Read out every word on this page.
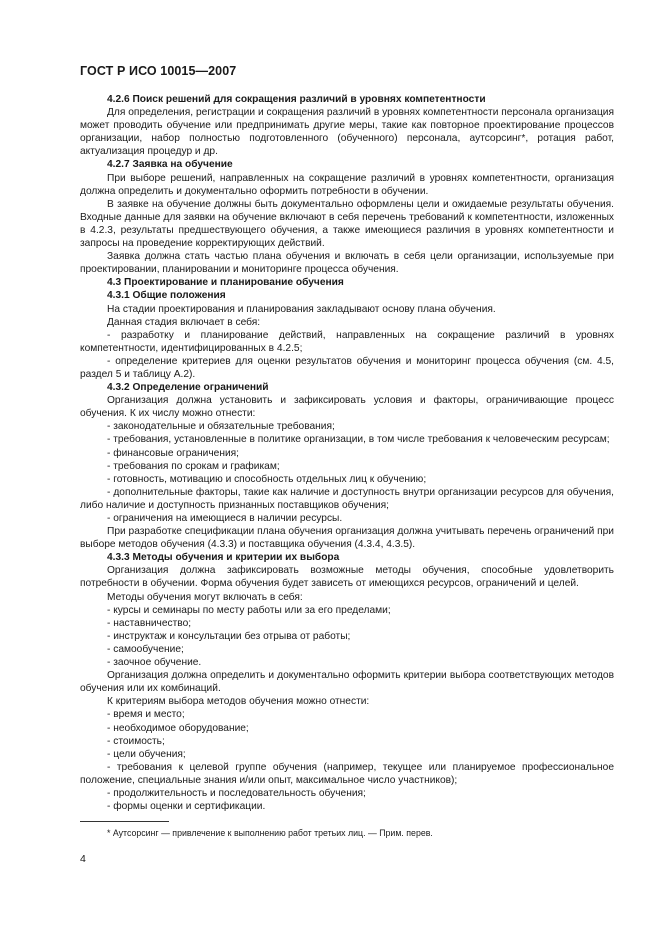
ГОСТ Р ИСО 10015—2007
4.2.6 Поиск решений для сокращения различий в уровнях компетентности
Для определения, регистрации и сокращения различий в уровнях компетентности персонала организация может проводить обучение или предпринимать другие меры, такие как повторное проектирование процессов организации, набор полностью подготовленного (обученного) персонала, аутсорсинг*, ротация работ, актуализация процедур и др.
4.2.7 Заявка на обучение
При выборе решений, направленных на сокращение различий в уровнях компетентности, организация должна определить и документально оформить потребности в обучении.
В заявке на обучение должны быть документально оформлены цели и ожидаемые результаты обучения. Входные данные для заявки на обучение включают в себя перечень требований к компетентности, изложенных в 4.2.3, результаты предшествующего обучения, а также имеющиеся различия в уровнях компетентности и запросы на проведение корректирующих действий.
Заявка должна стать частью плана обучения и включать в себя цели организации, используемые при проектировании, планировании и мониторинге процесса обучения.
4.3 Проектирование и планирование обучения
4.3.1 Общие положения
На стадии проектирования и планирования закладывают основу плана обучения.
Данная стадия включает в себя:
- разработку и планирование действий, направленных на сокращение различий в уровнях компетентности, идентифицированных в 4.2.5;
- определение критериев для оценки результатов обучения и мониторинг процесса обучения (см. 4.5, раздел 5 и таблицу А.2).
4.3.2 Определение ограничений
Организация должна установить и зафиксировать условия и факторы, ограничивающие процесс обучения. К их числу можно отнести:
- законодательные и обязательные требования;
- требования, установленные в политике организации, в том числе требования к человеческим ресурсам;
- финансовые ограничения;
- требования по срокам и графикам;
- готовность, мотивацию и способность отдельных лиц к обучению;
- дополнительные факторы, такие как наличие и доступность внутри организации ресурсов для обучения, либо наличие и доступность признанных поставщиков обучения;
- ограничения на имеющиеся в наличии ресурсы.
При разработке спецификации плана обучения организация должна учитывать перечень ограничений при выборе методов обучения (4.3.3) и поставщика обучения (4.3.4, 4.3.5).
4.3.3 Методы обучения и критерии их выбора
Организация должна зафиксировать возможные методы обучения, способные удовлетворить потребности в обучении. Форма обучения будет зависеть от имеющихся ресурсов, ограничений и целей.
Методы обучения могут включать в себя:
- курсы и семинары по месту работы или за его пределами;
- наставничество;
- инструктаж и консультации без отрыва от работы;
- самообучение;
- заочное обучение.
Организация должна определить и документально оформить критерии выбора соответствующих методов обучения или их комбинаций.
К критериям выбора методов обучения можно отнести:
- время и место;
- необходимое оборудование;
- стоимость;
- цели обучения;
- требования к целевой группе обучения (например, текущее или планируемое профессиональное положение, специальные знания и/или опыт, максимальное число участников);
- продолжительность и последовательность обучения;
- формы оценки и сертификации.
* Аутсорсинг — привлечение к выполнению работ третьих лиц. — Прим. перев.
4
